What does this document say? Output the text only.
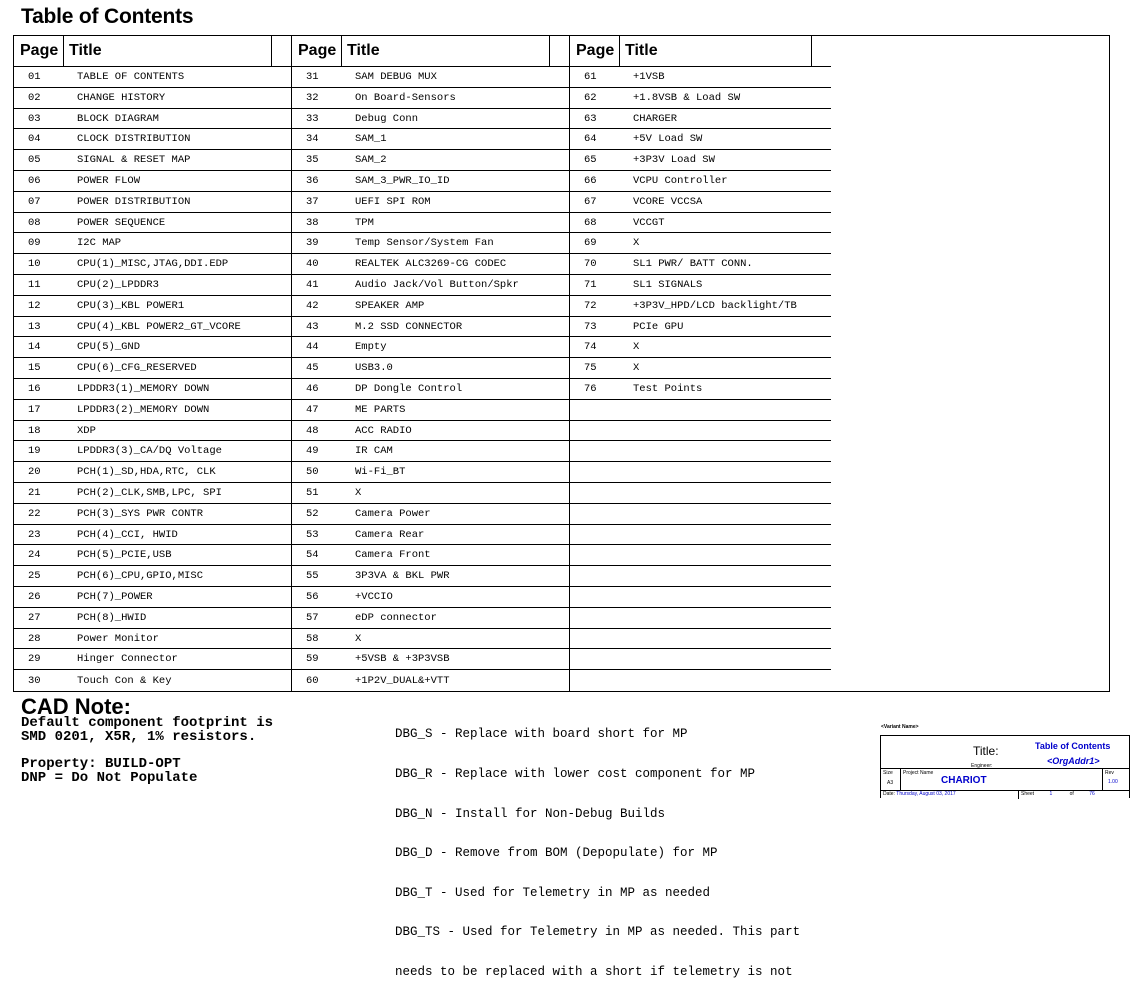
Table of Contents
Page Title
01	TABLE OF CONTENTS
02	CHANGE HISTORY
03	BLOCK DIAGRAM
04	CLOCK DISTRIBUTION
05	SIGNAL & RESET MAP
06	POWER FLOW
07	POWER DISTRIBUTION
08	POWER SEQUENCE
09	I2C MAP
10	CPU(1)_MISC,JTAG,DDI.EDP
11	CPU(2)_LPDDR3
12	CPU(3)_KBL POWER1
13	CPU(4)_KBL POWER2_GT_VCORE
14	CPU(5)_GND
15	CPU(6)_CFG_RESERVED
16	LPDDR3(1)_MEMORY DOWN
17	LPDDR3(2)_MEMORY DOWN
18	XDP
19	LPDDR3(3)_CA/DQ Voltage
20	PCH(1)_SD,HDA,RTC, CLK
21	PCH(2)_CLK,SMB,LPC, SPI
22	PCH(3)_SYS PWR CONTR
23	PCH(4)_CCI, HWID
24	PCH(5)_PCIE,USB
25	PCH(6)_CPU,GPIO,MISC
26	PCH(7)_POWER
27	PCH(8)_HWID
28	Power Monitor
29	Hinger Connector
30	Touch Con & Key
Page Title
31	SAM DEBUG MUX
32	On Board-Sensors
33	Debug Conn
34	SAM_1
35	SAM_2
36	SAM_3_PWR_IO_ID
37	UEFI SPI ROM
38	TPM
39	Temp Sensor/System Fan
40	REALTEK ALC3269-CG CODEC
41	Audio Jack/Vol Button/Spkr
42	SPEAKER AMP
43	M.2 SSD CONNECTOR
44	Empty
45	USB3.0
46	DP Dongle Control
47	ME PARTS
48	ACC RADIO
49	IR CAM
50	Wi-Fi_BT
51	X
52	Camera Power
53	Camera Rear
54	Camera Front
55	3P3VA & BKL PWR
56	+VCCIO
57	eDP connector
58	X
59	+5VSB & +3P3VSB
60	+1P2V_DUAL&+VTT
Page Title
61	+1VSB
62	+1.8VSB & Load SW
63	CHARGER
64	+5V Load SW
65	+3P3V Load SW
66	VCPU Controller
67	VCORE VCCSA
68	VCCGT
69	X
70	SL1 PWR/ BATT CONN.
71	SL1 SIGNALS
72	+3P3V_HPD/LCD backlight/TB
73	PCIe GPU
74	X
75	X
76	Test Points
CAD Note:
Default component footprint is
SMD 0201, X5R, 1% resistors.
Property: BUILD-OPT
DNP = Do Not Populate

DBG_S - Replace with board short for MP

DBG_R - Replace with lower cost component for MP

DBG_N - Install for Non-Debug Builds

DBG_D - Remove from BOM (Depopulate) for MP

DBG_T - Used for Telemetry in MP as needed

DBG_TS - Used for Telemetry in MP as needed. This part

needs to be replaced with a short if telemetry is not

<Variant Name>
Title:	Table of Contents
Engineer:	<OrgAddr1>
Size
A3
Project Name
CHARIOT
Rev
1.00
Date: Thursday, August 03, 2017	Sheet	1	of	76
